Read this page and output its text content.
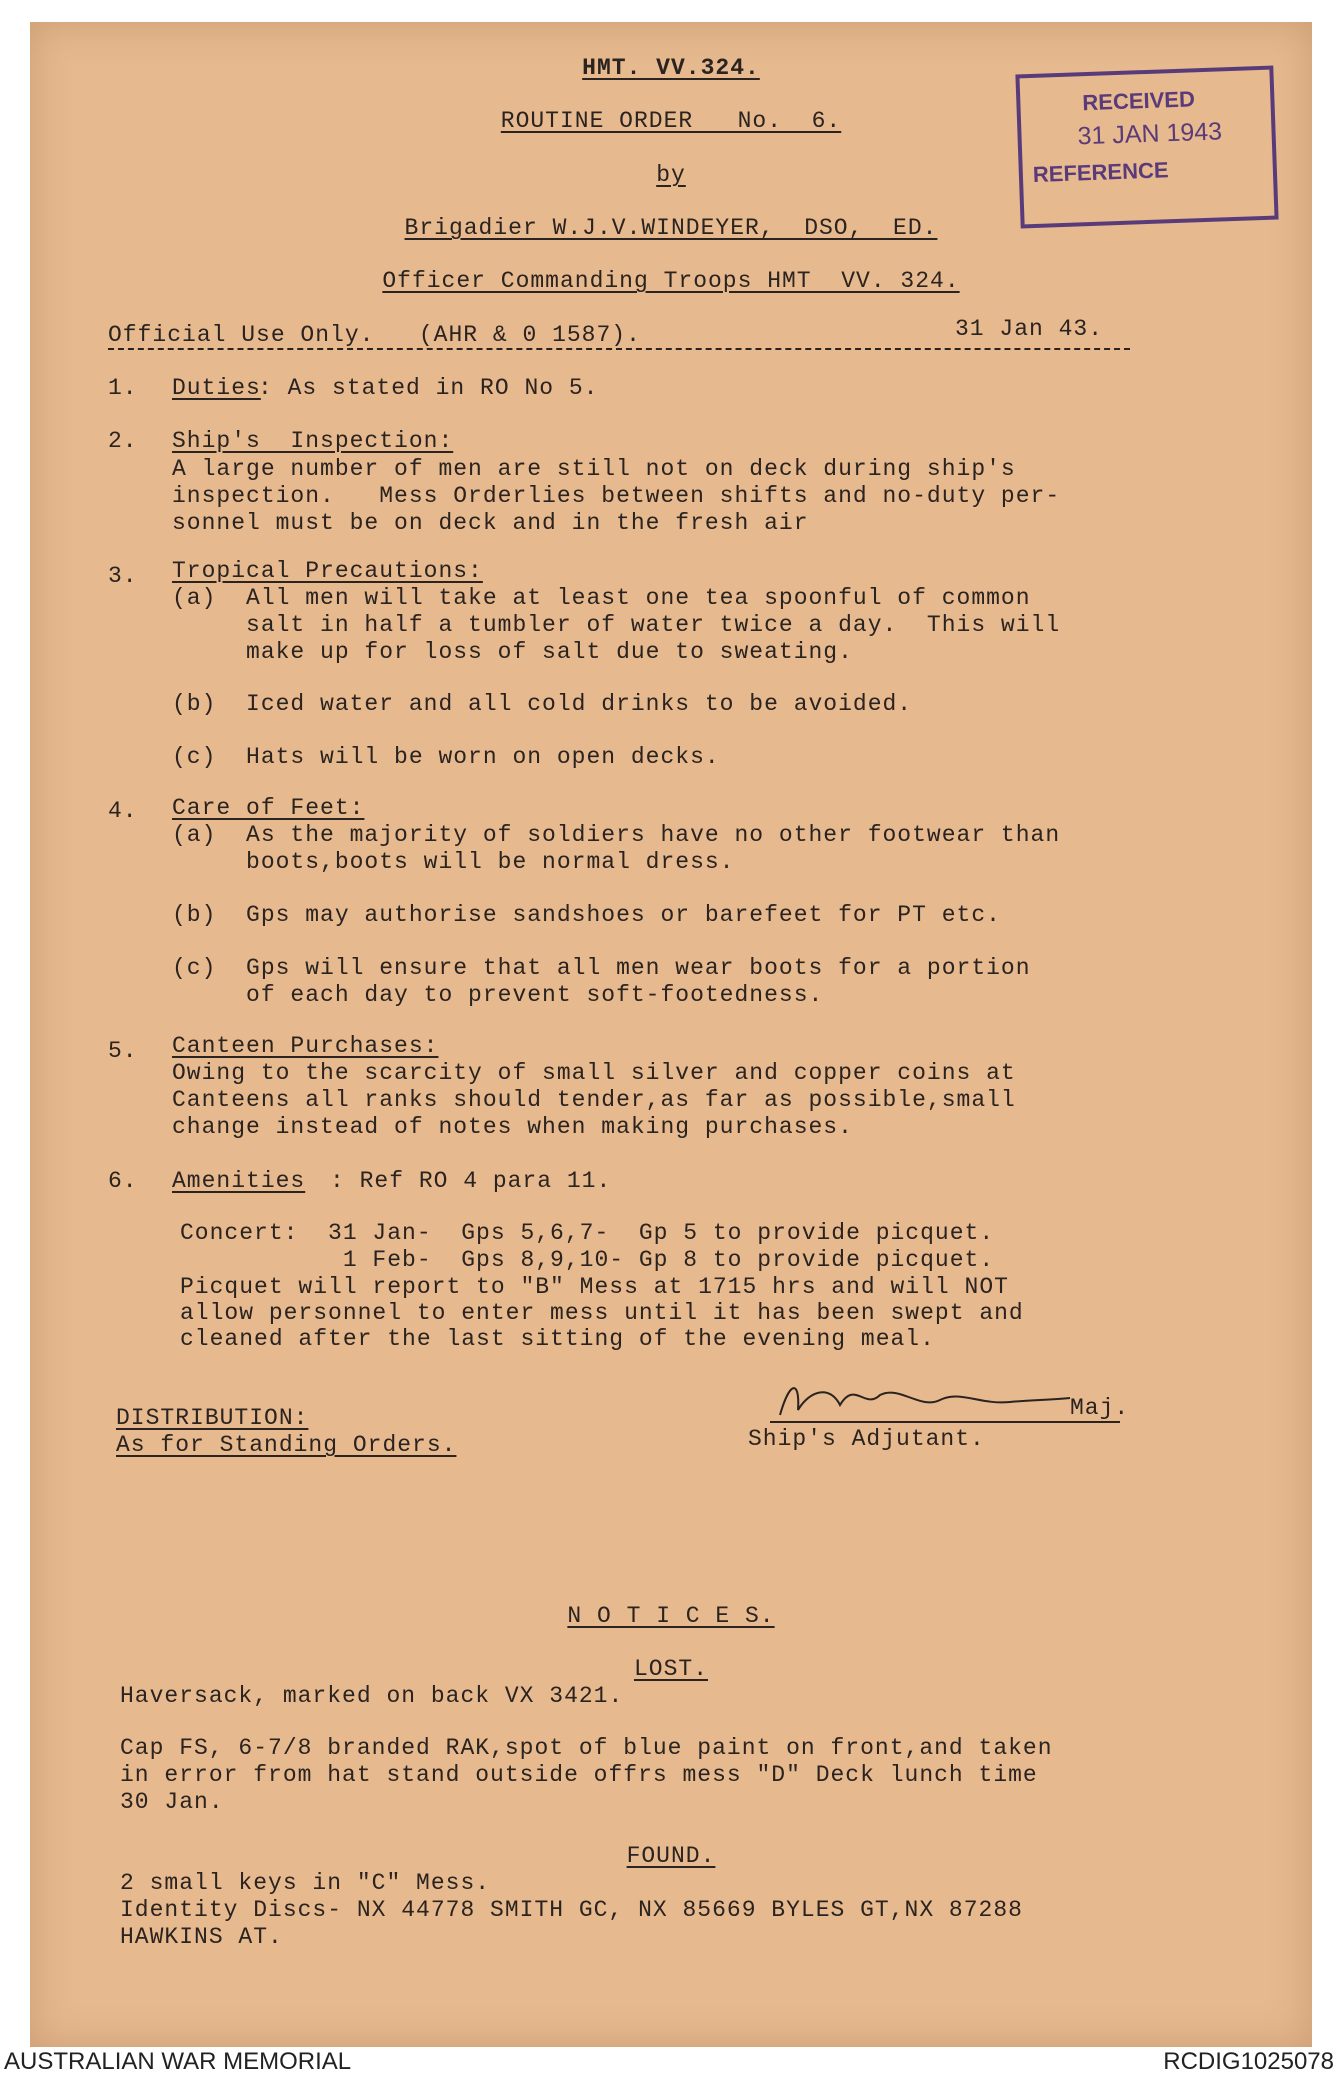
HMT. VV.324.
ROUTINE ORDER   No.  6.
by
Brigadier W.J.V.WINDEYER,  DSO,  ED.
Officer Commanding Troops HMT  VV. 324.
Official Use Only.   (AHR & 0 1587).	31 Jan 43.
RECEIVED
31 JAN 1943
REFERENCE
1. Duties
: As stated in RO No 5.
2. Ship's  Inspection:
A large number of men are still not on deck during ship's
inspection.   Mess Orderlies between shifts and no-duty per-
sonnel must be on deck and in the fresh air
3. Tropical Precautions:
(a)  All men will take at least one tea spoonful of common
salt in half a tumbler of water twice a day.  This will
make up for loss of salt due to sweating.
(b)  Iced water and all cold drinks to be avoided.
(c)  Hats will be worn on open decks.
4. Care of Feet:
(a)  As the majority of soldiers have no other footwear than
boots,boots will be normal dress.
(b)  Gps may authorise sandshoes or barefeet for PT etc.
(c)  Gps will ensure that all men wear boots for a portion
of each day to prevent soft-footedness.
5. Canteen Purchases:
Owing to the scarcity of small silver and copper coins at
Canteens all ranks should tender,as far as possible,small
change instead of notes when making purchases.
6. Amenities : Ref RO 4 para 11.
Concert:  31 Jan-  Gps 5,6,7-  Gp 5 to provide picquet.
1 Feb-  Gps 8,9,10- Gp 8 to provide picquet.
Picquet will report to "B" Mess at 1715 hrs and will NOT
allow personnel to enter mess until it has been swept and
cleaned after the last sitting of the evening meal.
DISTRIBUTION:
As for Standing Orders.
Maj.
Ship's Adjutant.
N O T I C E S.
LOST.
Haversack, marked on back VX 3421.
Cap FS, 6-7/8 branded RAK,spot of blue paint on front,and taken
in error from hat stand outside offrs mess "D" Deck lunch time
30 Jan.
FOUND.
2 small keys in "C" Mess.
Identity Discs- NX 44778 SMITH GC, NX 85669 BYLES GT,NX 87288
HAWKINS AT.
AUSTRALIAN WAR MEMORIAL	RCDIG1025078
